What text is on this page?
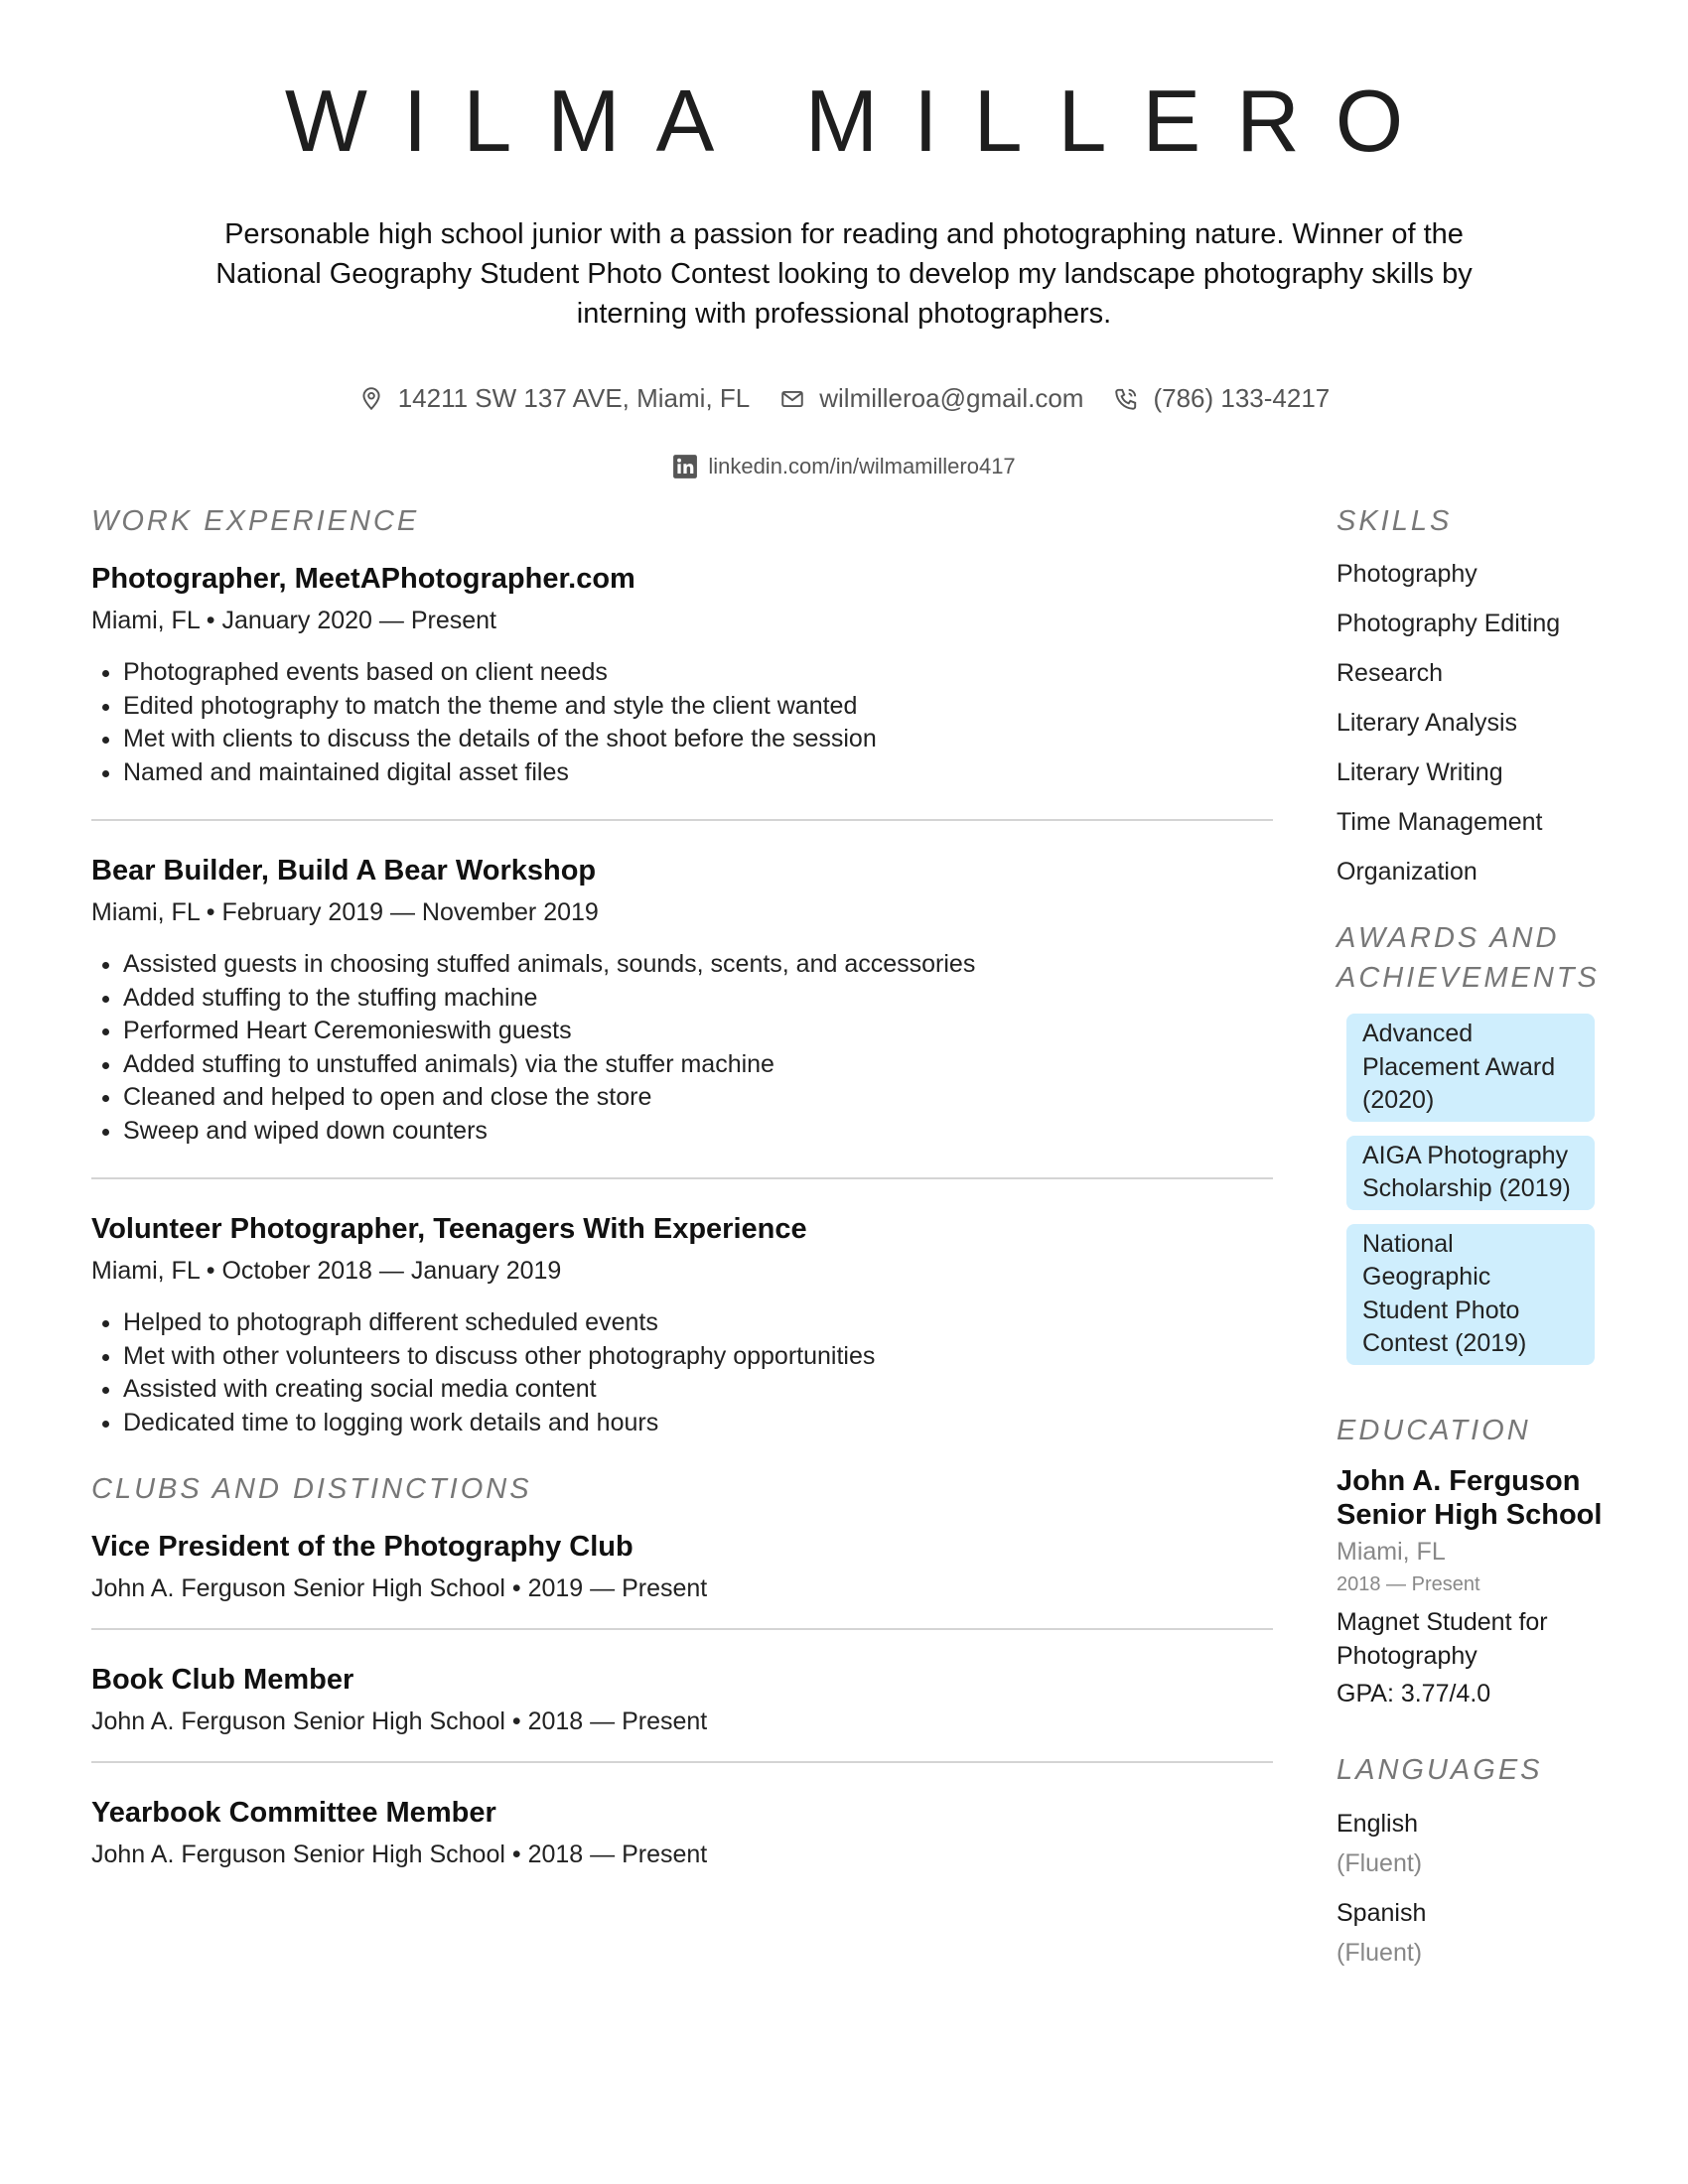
WILMA MILLERO
Personable high school junior with a passion for reading and photographing nature. Winner of the National Geography Student Photo Contest looking to develop my landscape photography skills by interning with professional photographers.
14211 SW 137 AVE, Miami, FL	wilmilleroa@gmail.com	(786) 133-4217
linkedin.com/in/wilmamillero417
WORK EXPERIENCE
Photographer, MeetAPhotographer.com
Miami, FL • January 2020 — Present
• Photographed events based on client needs
• Edited photography to match the theme and style the client wanted
• Met with clients to discuss the details of the shoot before the session
• Named and maintained digital asset files
Bear Builder, Build A Bear Workshop
Miami, FL • February 2019 — November 2019
• Assisted guests in choosing stuffed animals, sounds, scents, and accessories
• Added stuffing to the stuffing machine
• Performed Heart Ceremonieswith guests
• Added stuffing to unstuffed animals) via the stuffer machine
• Cleaned and helped to open and close the store
• Sweep and wiped down counters
Volunteer Photographer, Teenagers With Experience
Miami, FL • October 2018 — January 2019
• Helped to photograph different scheduled events
• Met with other volunteers to discuss other photography opportunities
• Assisted with creating social media content
• Dedicated time to logging work details and hours
CLUBS AND DISTINCTIONS
Vice President of the Photography Club
John A. Ferguson Senior High School • 2019 — Present
Book Club Member
John A. Ferguson Senior High School • 2018 — Present
Yearbook Committee Member
John A. Ferguson Senior High School • 2018 — Present
SKILLS
Photography
Photography Editing
Research
Literary Analysis
Literary Writing
Time Management
Organization
AWARDS AND ACHIEVEMENTS
Advanced Placement Award (2020)
AIGA Photography Scholarship (2019)
National Geographic Student Photo Contest (2019)
EDUCATION
John A. Ferguson Senior High School
Miami, FL
2018 — Present
Magnet Student for Photography
GPA: 3.77/4.0
LANGUAGES
English
(Fluent)
Spanish
(Fluent)
